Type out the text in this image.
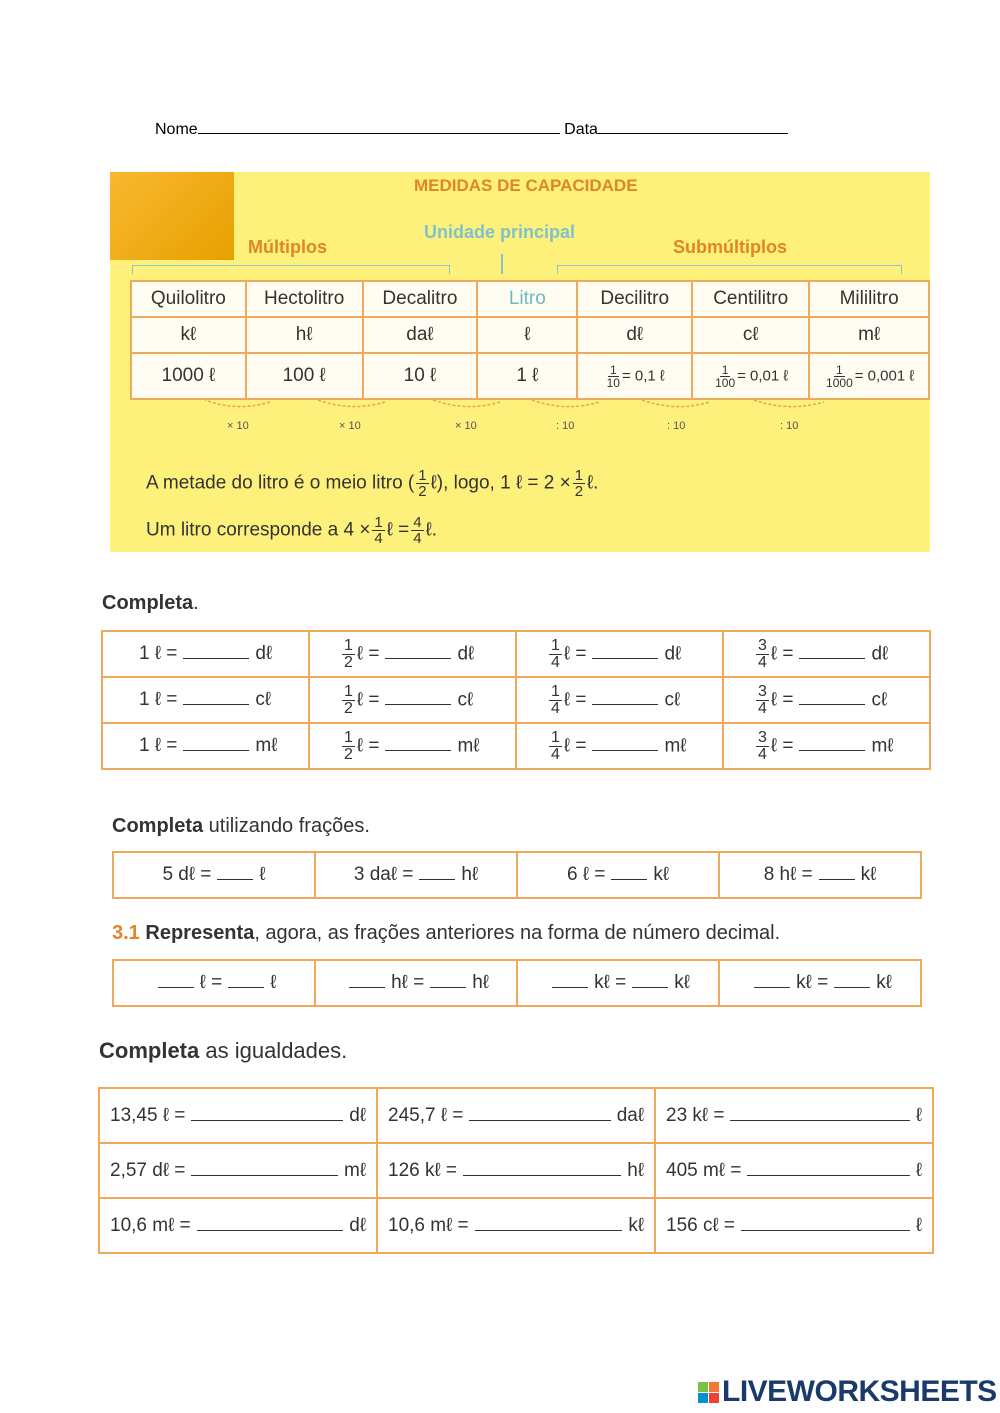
Nome	Data
MEDIDAS DE CAPACIDADE
Unidade principal
Múltiplos	Submúltiplos
Quilolitro	Hectolitro	Decalitro	Litro	Decilitro	Centilitro	Mililitro
kℓ	hℓ	daℓ	ℓ	dℓ	cℓ	mℓ
1000 ℓ	100 ℓ	10 ℓ	1 ℓ	$\frac{1}{10} = 0,1$ ℓ	$\frac{1}{100} = 0,01$ ℓ	$\frac{1}{1000} = 0,001$ ℓ
× 10	× 10	× 10	: 10	: 10	: 10
A metade do litro é o meio litro ( $\frac{1}{2}$ ℓ), logo, 1 ℓ = $2 \times \frac{1}{2}$ ℓ.
Um litro corresponde a $4 \times \frac{1}{4}$ ℓ = $\frac{4}{4}$ ℓ.
Completa.
1 ℓ = dℓ	$\frac{1}{2}$ ℓ = dℓ	$\frac{1}{4}$ ℓ = dℓ	$\frac{3}{4}$ ℓ = dℓ
1 ℓ = cℓ	$\frac{1}{2}$ ℓ = cℓ	$\frac{1}{4}$ ℓ = cℓ	$\frac{3}{4}$ ℓ = cℓ
1 ℓ = mℓ	$\frac{1}{2}$ ℓ = mℓ	$\frac{1}{4}$ ℓ = mℓ	$\frac{3}{4}$ ℓ = mℓ
Completa utilizando frações.
5 dℓ =	ℓ	3 daℓ =	hℓ	6 ℓ =	kℓ	8 hℓ =	kℓ
3.1 Representa, agora, as frações anteriores na forma de número decimal.
ℓ =	ℓ	hℓ =	hℓ	kℓ =	kℓ	kℓ =	kℓ
Completa as igualdades.
13,45 ℓ = dℓ	245,7 ℓ = daℓ	23 kℓ = ℓ

2,57 dℓ = mℓ	126 kℓ = hℓ	405 mℓ = ℓ

10,6 mℓ = dℓ	10,6 mℓ = kℓ	156 cℓ = ℓ
LIVEWORKSHEETS
